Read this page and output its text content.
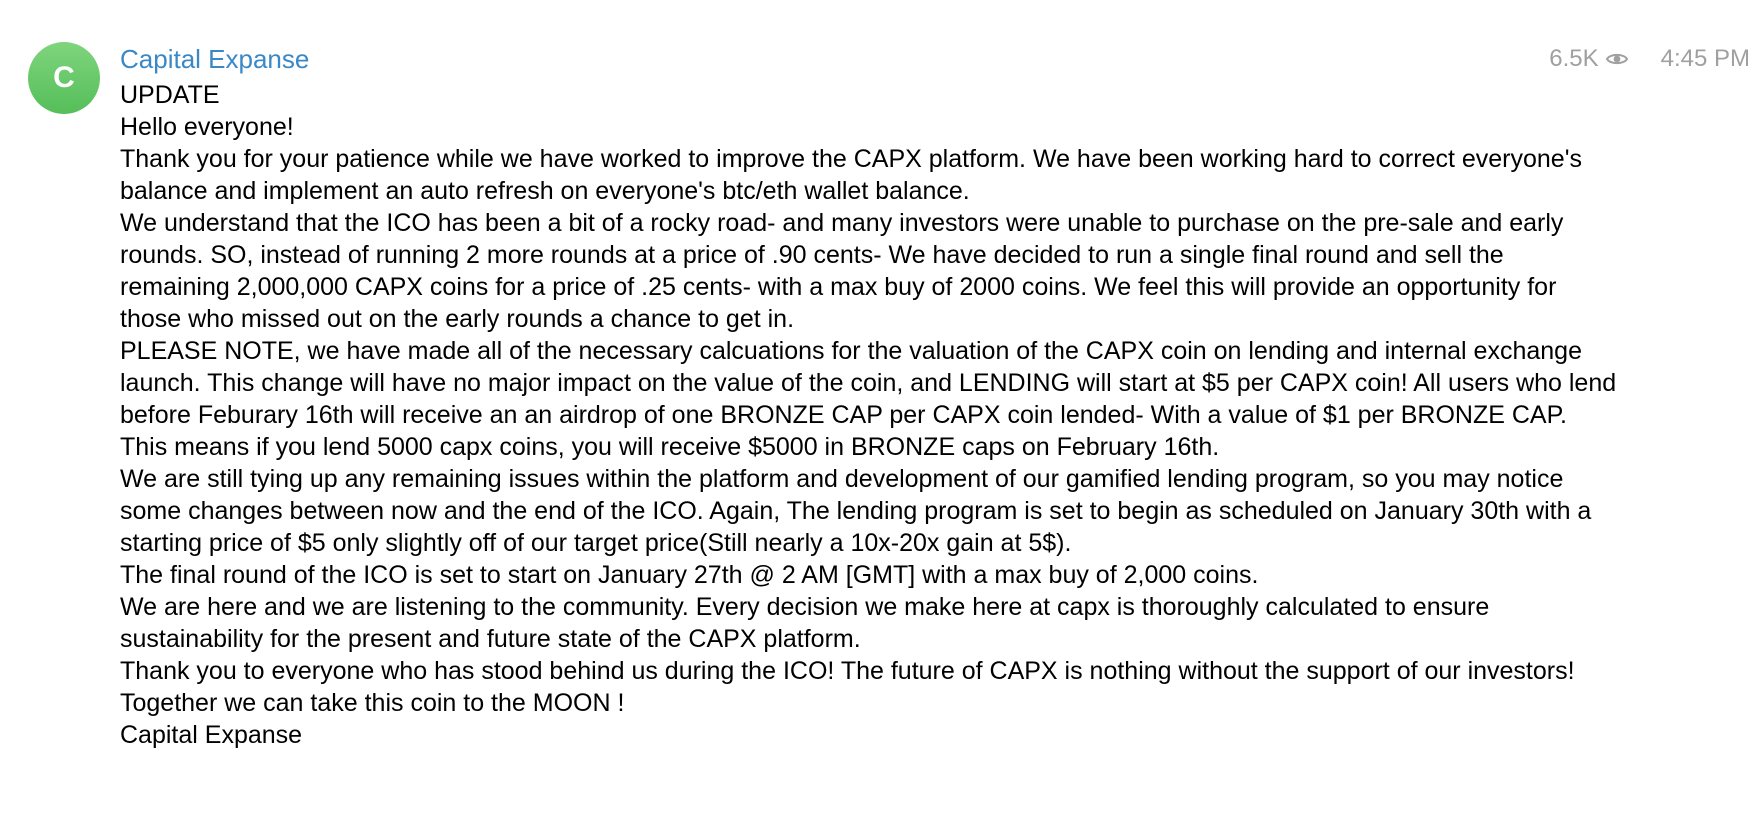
C
Capital Expanse	6.5K	4:45 PM

UPDATE

Hello everyone!

Thank you for your patience while we have worked to improve the CAPX platform. We have been working hard to correct everyone's balance and implement an auto refresh on everyone's btc/eth wallet balance.

We understand that the ICO has been a bit of a rocky road- and many investors were unable to purchase on the pre-sale and early rounds. SO, instead of running 2 more rounds at a price of .90 cents- We have decided to run a single final round and sell the remaining 2,000,000 CAPX coins for a price of .25 cents- with a max buy of 2000 coins. We feel this will provide an opportunity for those who missed out on the early rounds a chance to get in.

PLEASE NOTE, we have made all of the necessary calcuations for the valuation of the CAPX coin on lending and internal exchange launch. This change will have no major impact on the value of the coin, and LENDING will start at $5 per CAPX coin! All users who lend before Feburary 16th will receive an an airdrop of one BRONZE CAP per CAPX coin lended- With a value of $1 per BRONZE CAP. This means if you lend 5000 capx coins, you will receive $5000 in BRONZE caps on February 16th.

We are still tying up any remaining issues within the platform and development of our gamified lending program, so you may notice some changes between now and the end of the ICO. Again, The lending program is set to begin as scheduled on January 30th with a starting price of $5 only slightly off of our target price(Still nearly a 10x-20x gain at 5$).

The final round of the ICO is set to start on January 27th @ 2 AM [GMT] with a max buy of 2,000 coins.

We are here and we are listening to the community. Every decision we make here at capx is thoroughly calculated to ensure sustainability for the present and future state of the CAPX platform.

Thank you to everyone who has stood behind us during the ICO! The future of CAPX is nothing without the support of our investors! Together we can take this coin to the MOON !

Capital Expanse
